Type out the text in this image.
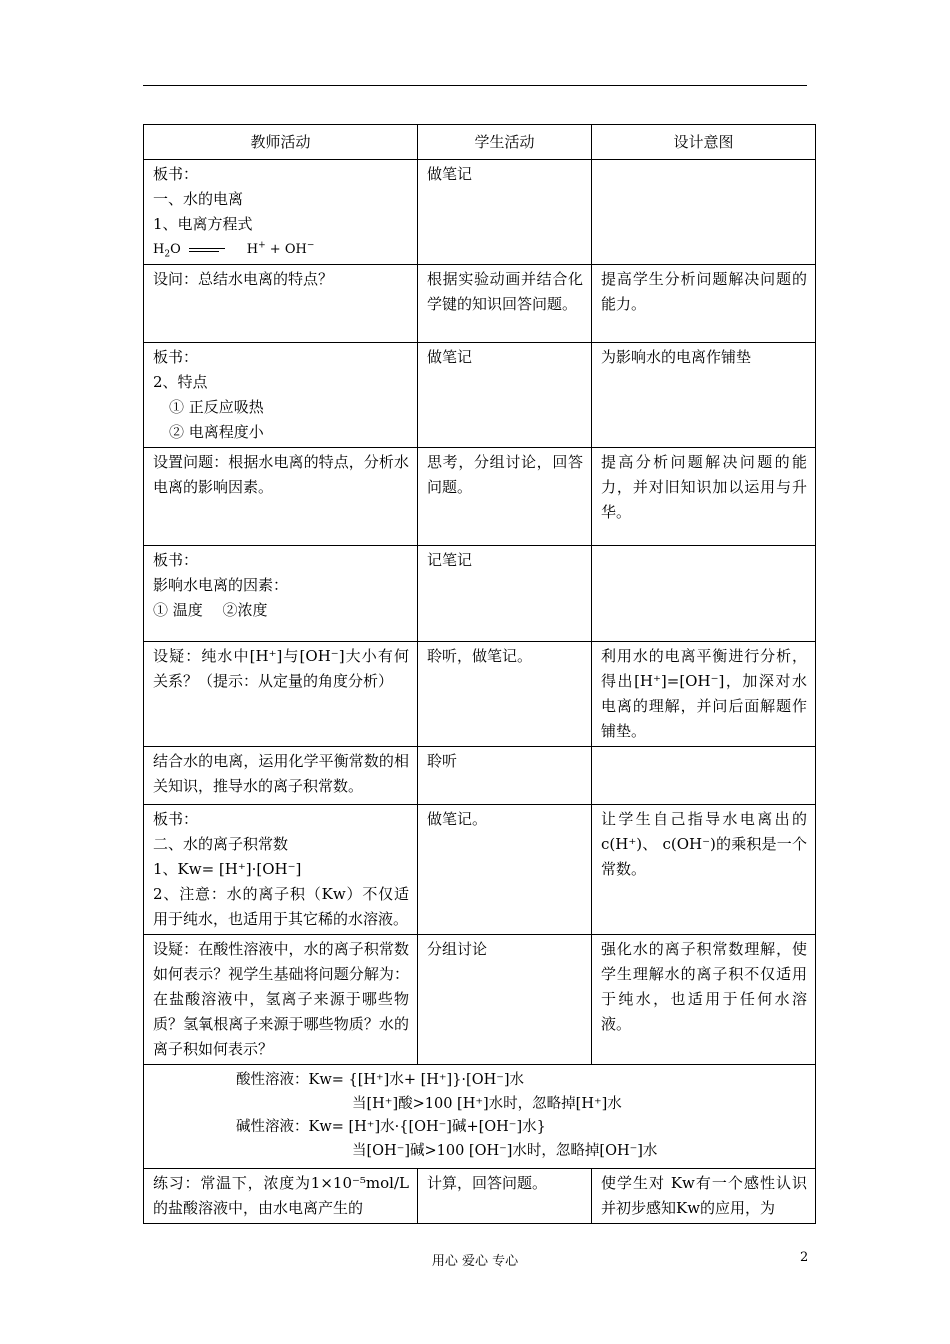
教师活动	学生活动	设计意图

板书：
一、水的电离
1、电离方程式
$H_2O$ H+ + OH−	做笔记	

设问：总结水电离的特点？	根据实验动画并结合化学键的知识回答问题。	提高学生分析问题解决问题的能力。

板书：
2、特点
① 正反应吸热
② 电离程度小	做笔记	为影响水的电离作铺垫

设置问题：根据水电离的特点，分析水电离的影响因素。	思考，分组讨论，回答问题。	提高分析问题解决问题的能力，并对旧知识加以运用与升华。

板书：
影响水电离的因素：
① 温度　 ②浓度	记笔记	

设疑：纯水中[H⁺]与[OH⁻]大小有何关系？（提示：从定量的角度分析）	聆听，做笔记。	利用水的电离平衡进行分析，得出[H⁺]=[OH⁻]，加深对水电离的理解，并问后面解题作铺垫。

结合水的电离，运用化学平衡常数的相关知识，推导水的离子积常数。	聆听	

板书：
二、水的离子积常数
1、Kw= [H⁺]·[OH⁻]
2、注意：水的离子积（Kw）不仅适用于纯水，也适用于其它稀的水溶液。	做笔记。	让学生自己指导水电离出的c(H⁺)、 c(OH⁻)的乘积是一个常数。

设疑：在酸性溶液中，水的离子积常数如何表示？视学生基础将问题分解为：在盐酸溶液中，氢离子来源于哪些物质？氢氧根离子来源于哪些物质？水的离子积如何表示？	分组讨论	强化水的离子积常数理解，使学生理解水的离子积不仅适用于纯水，也适用于任何水溶液。

酸性溶液：Kw= {[H⁺]水+ [H⁺]}·[OH⁻]水
当[H⁺]酸>100 [H⁺]水时，忽略掉[H⁺]水
碱性溶液：Kw= [H⁺]水·{[OH⁻]碱+[OH⁻]水}
当[OH⁻]碱>100 [OH⁻]水时，忽略掉[OH⁻]水		

练习：常温下，浓度为1×10⁻⁵mol/L的盐酸溶液中，由水电离产生的	计算，回答问题。	使学生对 Kw有一个感性认识并初步感知Kw的应用，为
用心 爱心 专心	2
